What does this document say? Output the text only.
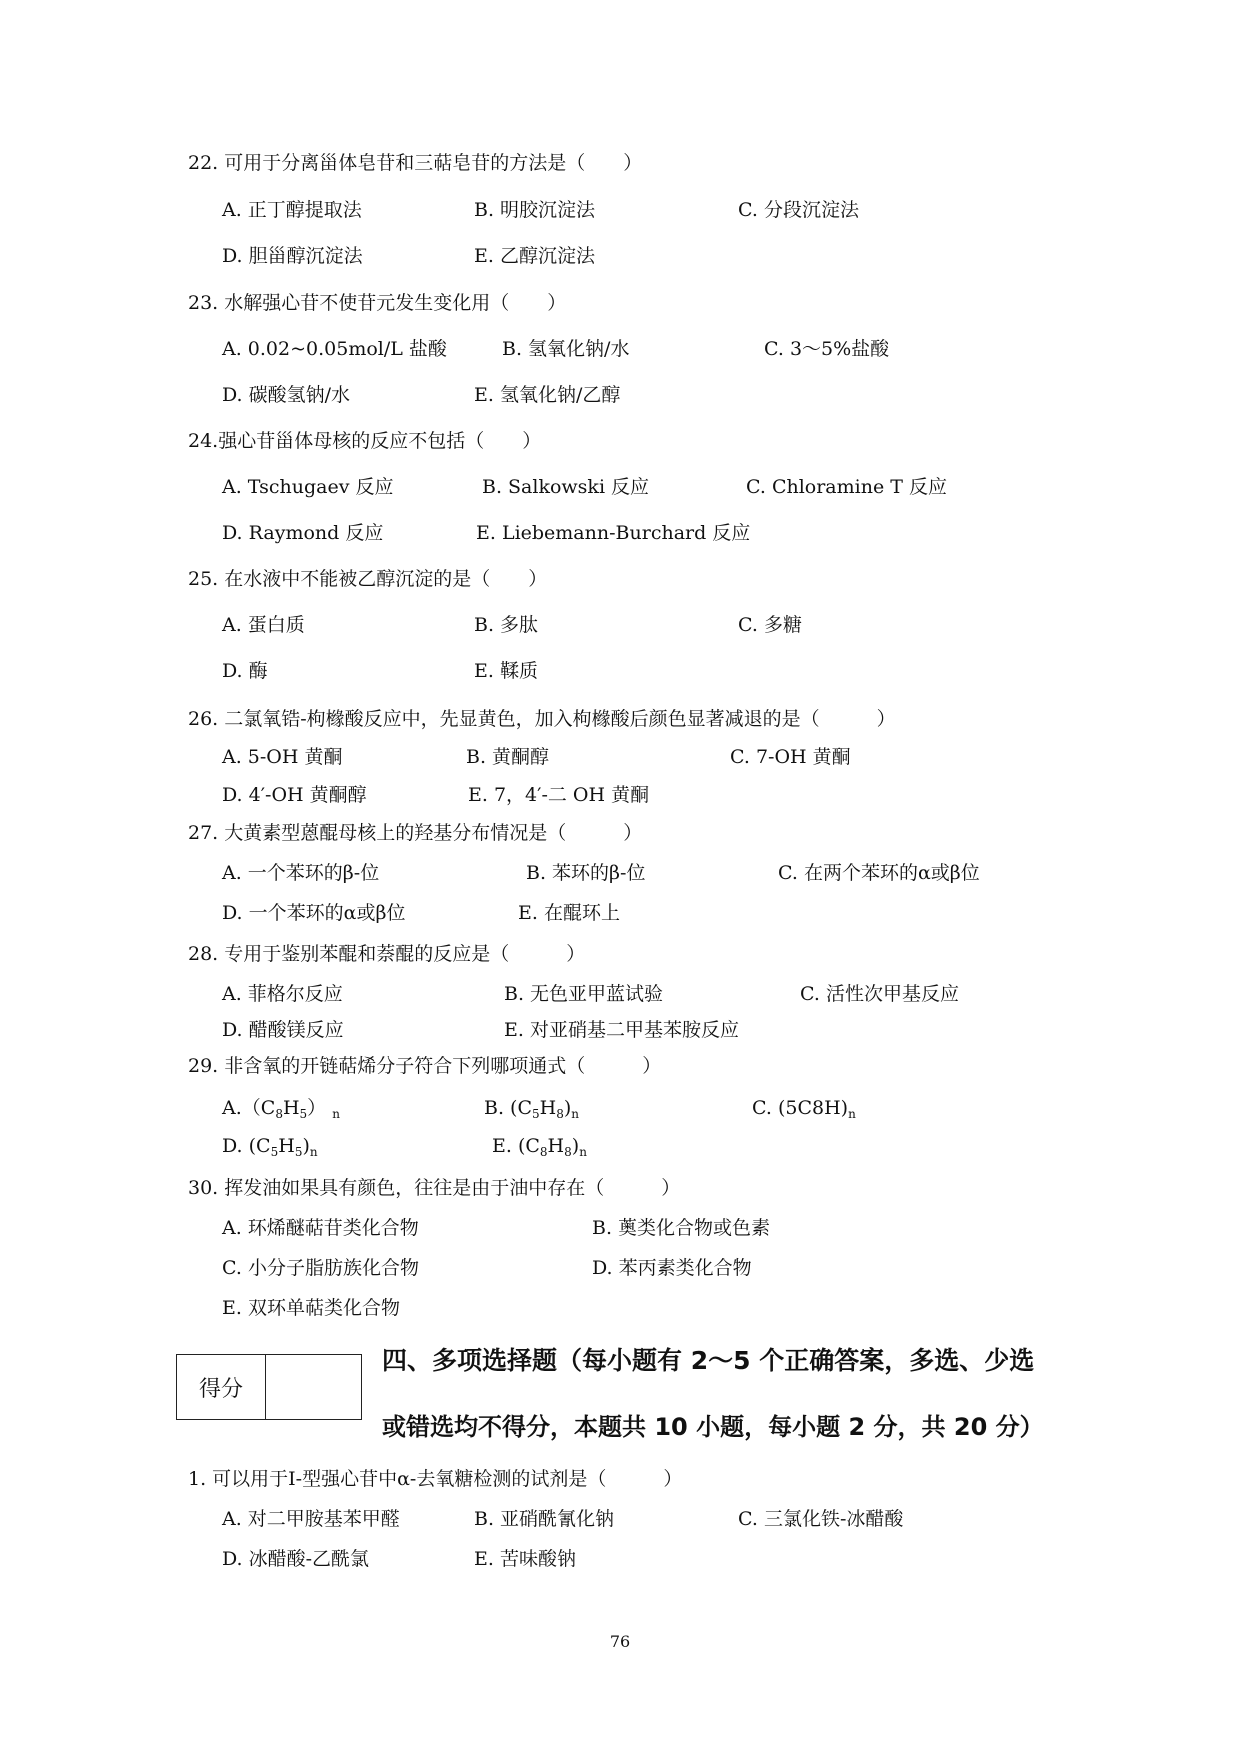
22. 可用于分离甾体皂苷和三萜皂苷的方法是（　　）
A. 正丁醇提取法	B. 明胶沉淀法	C. 分段沉淀法
D. 胆甾醇沉淀法	E. 乙醇沉淀法
23. 水解强心苷不使苷元发生变化用（　　）
A. 0.02~0.05mol/L 盐酸	B. 氢氧化钠/水	C. 3～5%盐酸
D. 碳酸氢钠/水	E. 氢氧化钠/乙醇
24.强心苷甾体母核的反应不包括（　　）
A. Tschugaev 反应	B. Salkowski 反应	C. Chloramine T 反应
D. Raymond 反应	E. Liebemann-Burchard 反应
25. 在水液中不能被乙醇沉淀的是（　　）
A. 蛋白质	B. 多肽	C. 多糖
D. 酶	E. 鞣质
26. 二氯氧锆-枸橼酸反应中，先显黄色，加入枸橼酸后颜色显著减退的是（　　　）
A. 5-OH 黄酮	B. 黄酮醇	C. 7-OH 黄酮
D. 4′-OH 黄酮醇	E. 7，4′-二 OH 黄酮
27. 大黄素型蒽醌母核上的羟基分布情况是（　　　）
A. 一个苯环的β-位	B. 苯环的β-位	C. 在两个苯环的α或β位
D. 一个苯环的α或β位	E. 在醌环上
28. 专用于鉴别苯醌和萘醌的反应是（　　　）
A. 菲格尔反应	B. 无色亚甲蓝试验	C. 活性次甲基反应
D. 醋酸镁反应	E. 对亚硝基二甲基苯胺反应
29. 非含氧的开链萜烯分子符合下列哪项通式（　　　）
$A.(C_8H_5)$ $_n$	B. $(C_5H_8)_n$	C. $(5C8H)_n$
D. $(C_5H_5)_n$	E. $(C_8H_8)_n$
30. 挥发油如果具有颜色，往往是由于油中存在（　　　）
A. 环烯醚萜苷类化合物	B. 薁类化合物或色素
C. 小分子脂肪族化合物	D. 苯丙素类化合物
E. 双环单萜类化合物
得分
四、多项选择题（每小题有 2～5 个正确答案，多选、少选
或错选均不得分，本题共 10 小题，每小题 2 分，共 20 分）
1. 可以用于Ⅰ-型强心苷中α-去氧糖检测的试剂是（　　　）
A. 对二甲胺基苯甲醛	B. 亚硝酰氰化钠	C. 三氯化铁-冰醋酸
D. 冰醋酸-乙酰氯	E. 苦味酸钠
76
